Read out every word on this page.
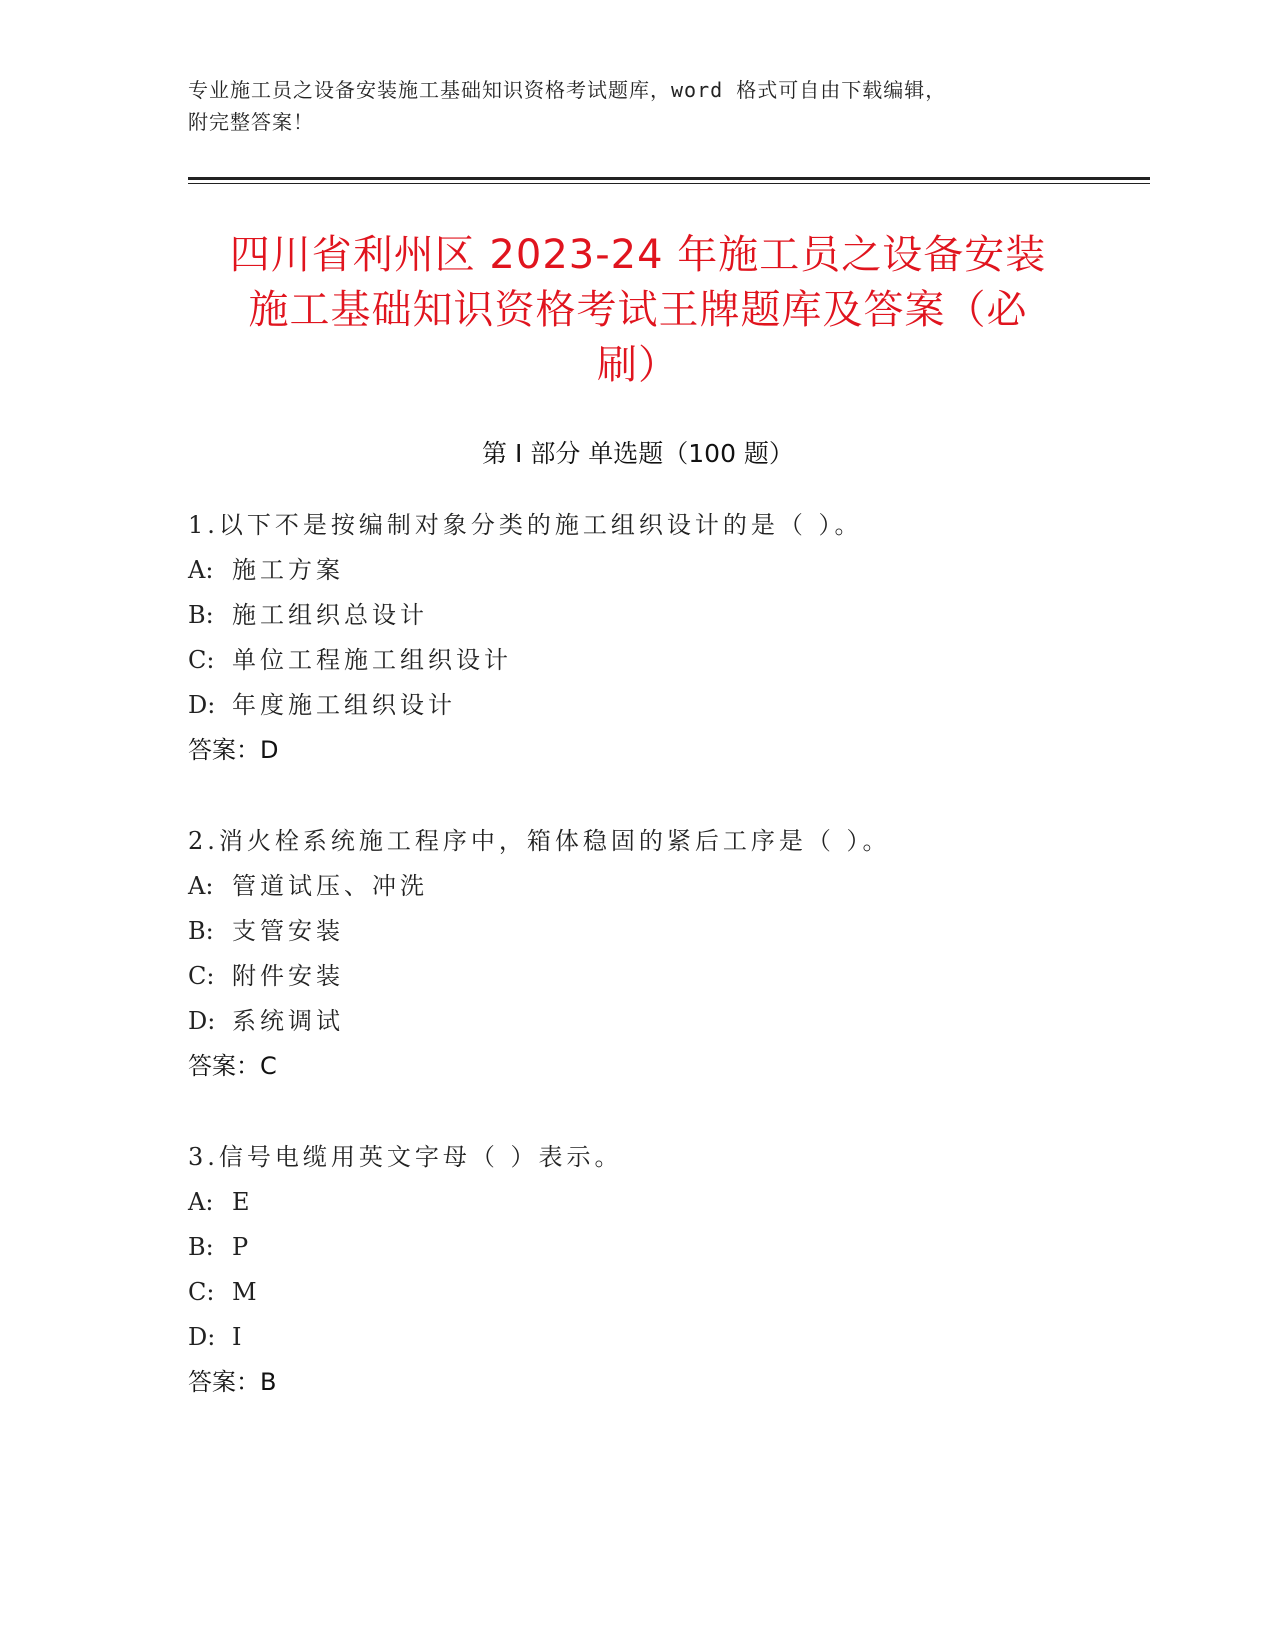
专业施工员之设备安装施工基础知识资格考试题库，word 格式可自由下载编辑，
附完整答案！
四川省利州区 2023-24 年施工员之设备安装
施工基础知识资格考试王牌题库及答案（必
刷）
第 I 部分 单选题（100 题）
1.以下不是按编制对象分类的施工组织设计的是（ ）。
A: 施工方案
B: 施工组织总设计
C: 单位工程施工组织设计
D: 年度施工组织设计
答案：D
2.消火栓系统施工程序中，箱体稳固的紧后工序是（ ）。
A: 管道试压、冲洗
B: 支管安装
C: 附件安装
D: 系统调试
答案：C
3.信号电缆用英文字母（ ）表示。
A: E
B: P
C: M
D: I
答案：B
